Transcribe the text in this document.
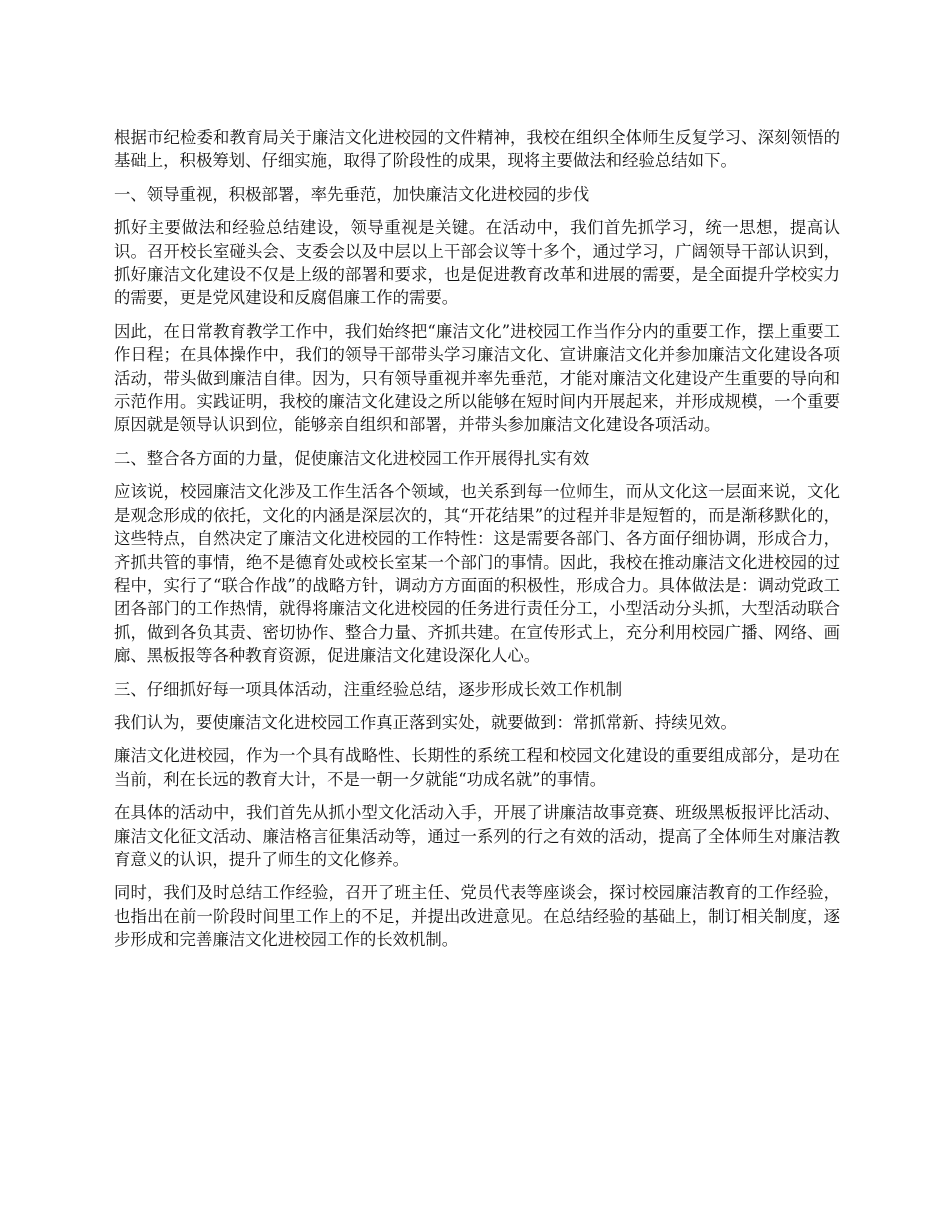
根据市纪检委和教育局关于廉洁文化进校园的文件精神，我校在组织全体师生反复学习、深刻领悟的基础上，积极筹划、仔细实施，取得了阶段性的成果，现将主要做法和经验总结如下。

一、领导重视，积极部署，率先垂范，加快廉洁文化进校园的步伐

抓好主要做法和经验总结建设，领导重视是关键。在活动中，我们首先抓学习，统一思想，提高认识。召开校长室碰头会、支委会以及中层以上干部会议等十多个，通过学习，广阔领导干部认识到，抓好廉洁文化建设不仅是上级的部署和要求，也是促进教育改革和进展的需要，是全面提升学校实力的需要，更是党风建设和反腐倡廉工作的需要。

因此，在日常教育教学工作中，我们始终把“廉洁文化”进校园工作当作分内的重要工作，摆上重要工作日程；在具体操作中，我们的领导干部带头学习廉洁文化、宣讲廉洁文化并参加廉洁文化建设各项活动，带头做到廉洁自律。因为，只有领导重视并率先垂范，才能对廉洁文化建设产生重要的导向和示范作用。实践证明，我校的廉洁文化建设之所以能够在短时间内开展起来，并形成规模，一个重要原因就是领导认识到位，能够亲自组织和部署，并带头参加廉洁文化建设各项活动。

二、整合各方面的力量，促使廉洁文化进校园工作开展得扎实有效

应该说，校园廉洁文化涉及工作生活各个领域，也关系到每一位师生，而从文化这一层面来说，文化是观念形成的依托，文化的内涵是深层次的，其“开花结果”的过程并非是短暂的，而是渐移默化的，这些特点，自然决定了廉洁文化进校园的工作特性：这是需要各部门、各方面仔细协调，形成合力，齐抓共管的事情，绝不是德育处或校长室某一个部门的事情。因此，我校在推动廉洁文化进校园的过程中，实行了“联合作战”的战略方针，调动方方面面的积极性，形成合力。具体做法是：调动党政工团各部门的工作热情，就得将廉洁文化进校园的任务进行责任分工，小型活动分头抓，大型活动联合抓，做到各负其责、密切协作、整合力量、齐抓共建。在宣传形式上，充分利用校园广播、网络、画廊、黑板报等各种教育资源，促进廉洁文化建设深化人心。

三、仔细抓好每一项具体活动，注重经验总结，逐步形成长效工作机制

我们认为，要使廉洁文化进校园工作真正落到实处，就要做到：常抓常新、持续见效。

廉洁文化进校园，作为一个具有战略性、长期性的系统工程和校园文化建设的重要组成部分，是功在当前，利在长远的教育大计，不是一朝一夕就能“功成名就”的事情。

在具体的活动中，我们首先从抓小型文化活动入手，开展了讲廉洁故事竞赛、班级黑板报评比活动、廉洁文化征文活动、廉洁格言征集活动等，通过一系列的行之有效的活动，提高了全体师生对廉洁教育意义的认识，提升了师生的文化修养。

同时，我们及时总结工作经验，召开了班主任、党员代表等座谈会，探讨校园廉洁教育的工作经验，也指出在前一阶段时间里工作上的不足，并提出改进意见。在总结经验的基础上，制订相关制度，逐步形成和完善廉洁文化进校园工作的长效机制。
